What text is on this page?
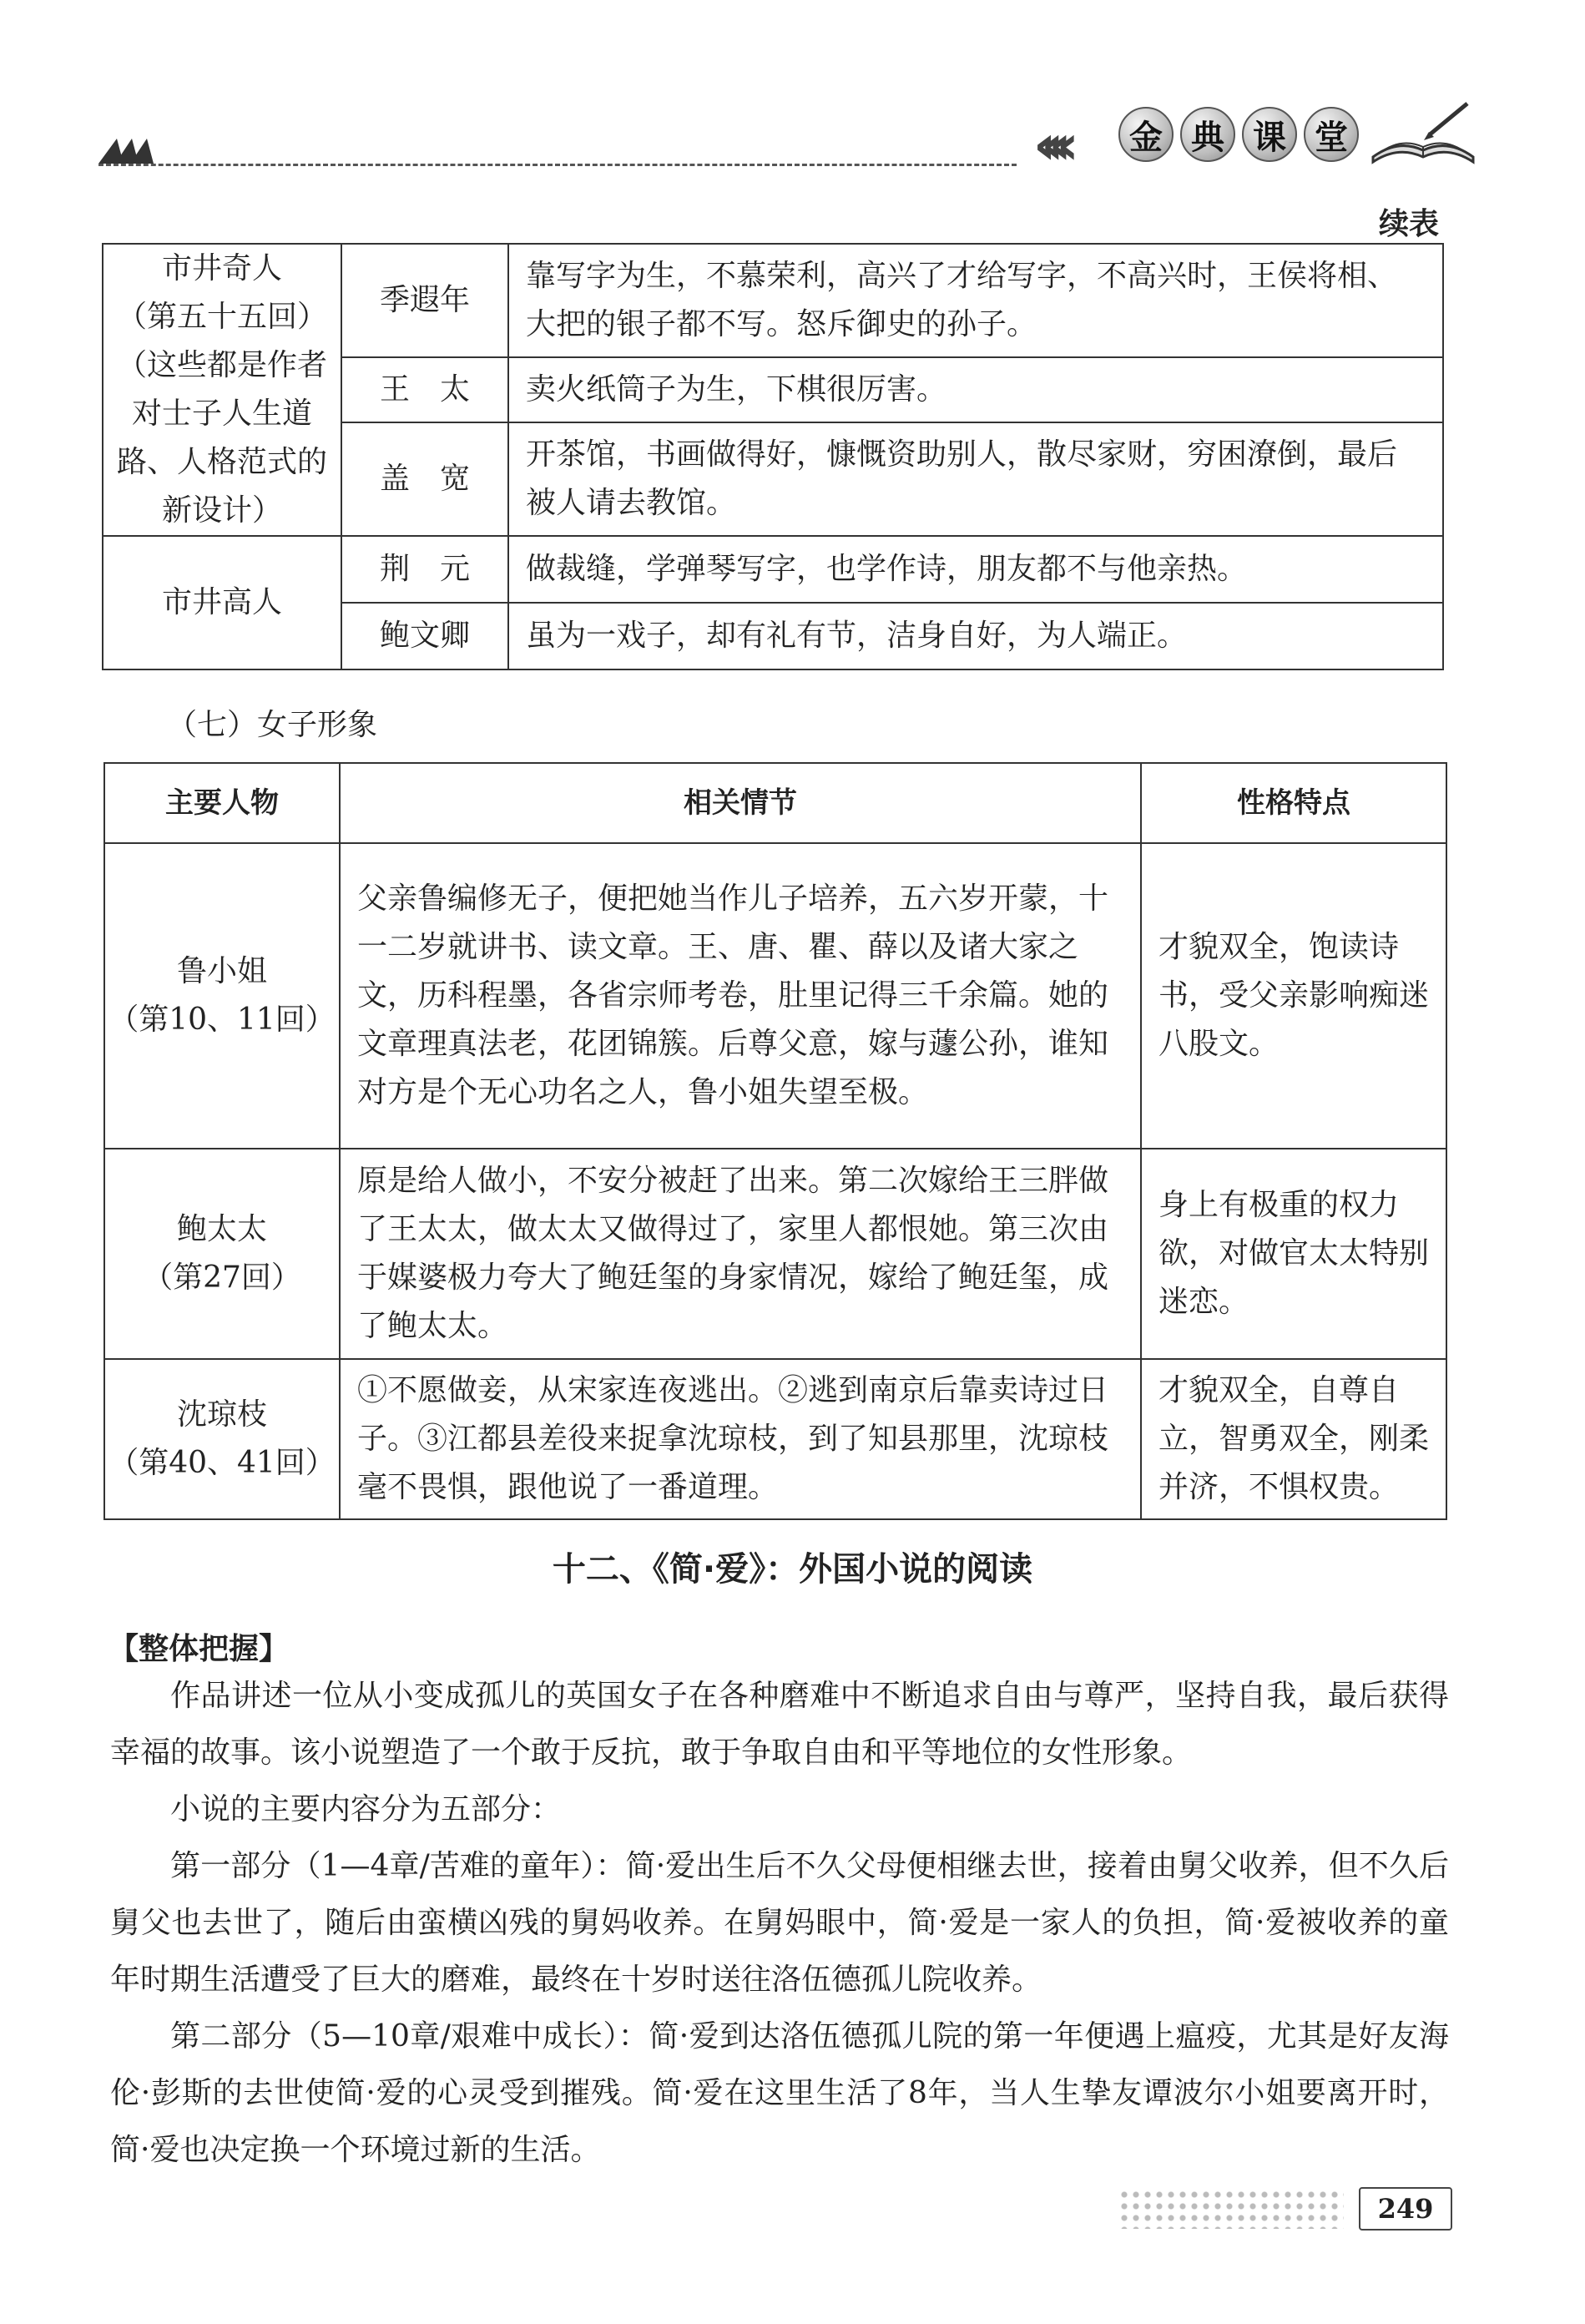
‹‹‹‹	金 典 课 堂
续表
市井奇人
（第五十五回）
（这些都是作者对士子人生道路、人格范式的新设计）	季遐年	靠写字为生，不慕荣利，高兴了才给写字，不高兴时，王侯将相、大把的银子都不写。怒斥御史的孙子。
	王　太	卖火纸筒子为生，下棋很厉害。
	盖　宽	开茶馆，书画做得好，慷慨资助别人，散尽家财，穷困潦倒，最后被人请去教馆。
市井高人	荆　元	做裁缝，学弹琴写字，也学作诗，朋友都不与他亲热。
	鲍文卿	虽为一戏子，却有礼有节，洁身自好，为人端正。
（七）女子形象
主要人物	相关情节	性格特点

鲁小姐
（第10、11回）	父亲鲁编修无子，便把她当作儿子培养，五六岁开蒙，十一二岁就讲书、读文章。王、唐、瞿、薛以及诸大家之文，历科程墨，各省宗师考卷，肚里记得三千余篇。她的文章理真法老，花团锦簇。后尊父意，嫁与蘧公孙，谁知对方是个无心功名之人，鲁小姐失望至极。	才貌双全，饱读诗书，受父亲影响痴迷八股文。

鲍太太
（第27回）	原是给人做小，不安分被赶了出来。第二次嫁给王三胖做了王太太，做太太又做得过了，家里人都恨她。第三次由于媒婆极力夸大了鲍廷玺的身家情况，嫁给了鲍廷玺，成了鲍太太。	身上有极重的权力欲，对做官太太特别迷恋。

沈琼枝
（第40、41回）	①不愿做妾，从宋家连夜逃出。②逃到南京后靠卖诗过日子。③江都县差役来捉拿沈琼枝，到了知县那里，沈琼枝毫不畏惧，跟他说了一番道理。	才貌双全，自尊自立，智勇双全，刚柔并济，不惧权贵。
十二、《简·爱》：外国小说的阅读
【整体把握】

作品讲述一位从小变成孤儿的英国女子在各种磨难中不断追求自由与尊严，坚持自我，最后获得幸福的故事。该小说塑造了一个敢于反抗，敢于争取自由和平等地位的女性形象。

小说的主要内容分为五部分：

第一部分（1—4章/苦难的童年）：简·爱出生后不久父母便相继去世，接着由舅父收养，但不久后舅父也去世了，随后由蛮横凶残的舅妈收养。在舅妈眼中，简·爱是一家人的负担，简·爱被收养的童年时期生活遭受了巨大的磨难，最终在十岁时送往洛伍德孤儿院收养。

第二部分（5—10章/艰难中成长）：简·爱到达洛伍德孤儿院的第一年便遇上瘟疫，尤其是好友海伦·彭斯的去世使简·爱的心灵受到摧残。简·爱在这里生活了8年，当人生挚友谭波尔小姐要离开时，简·爱也决定换一个环境过新的生活。

249
